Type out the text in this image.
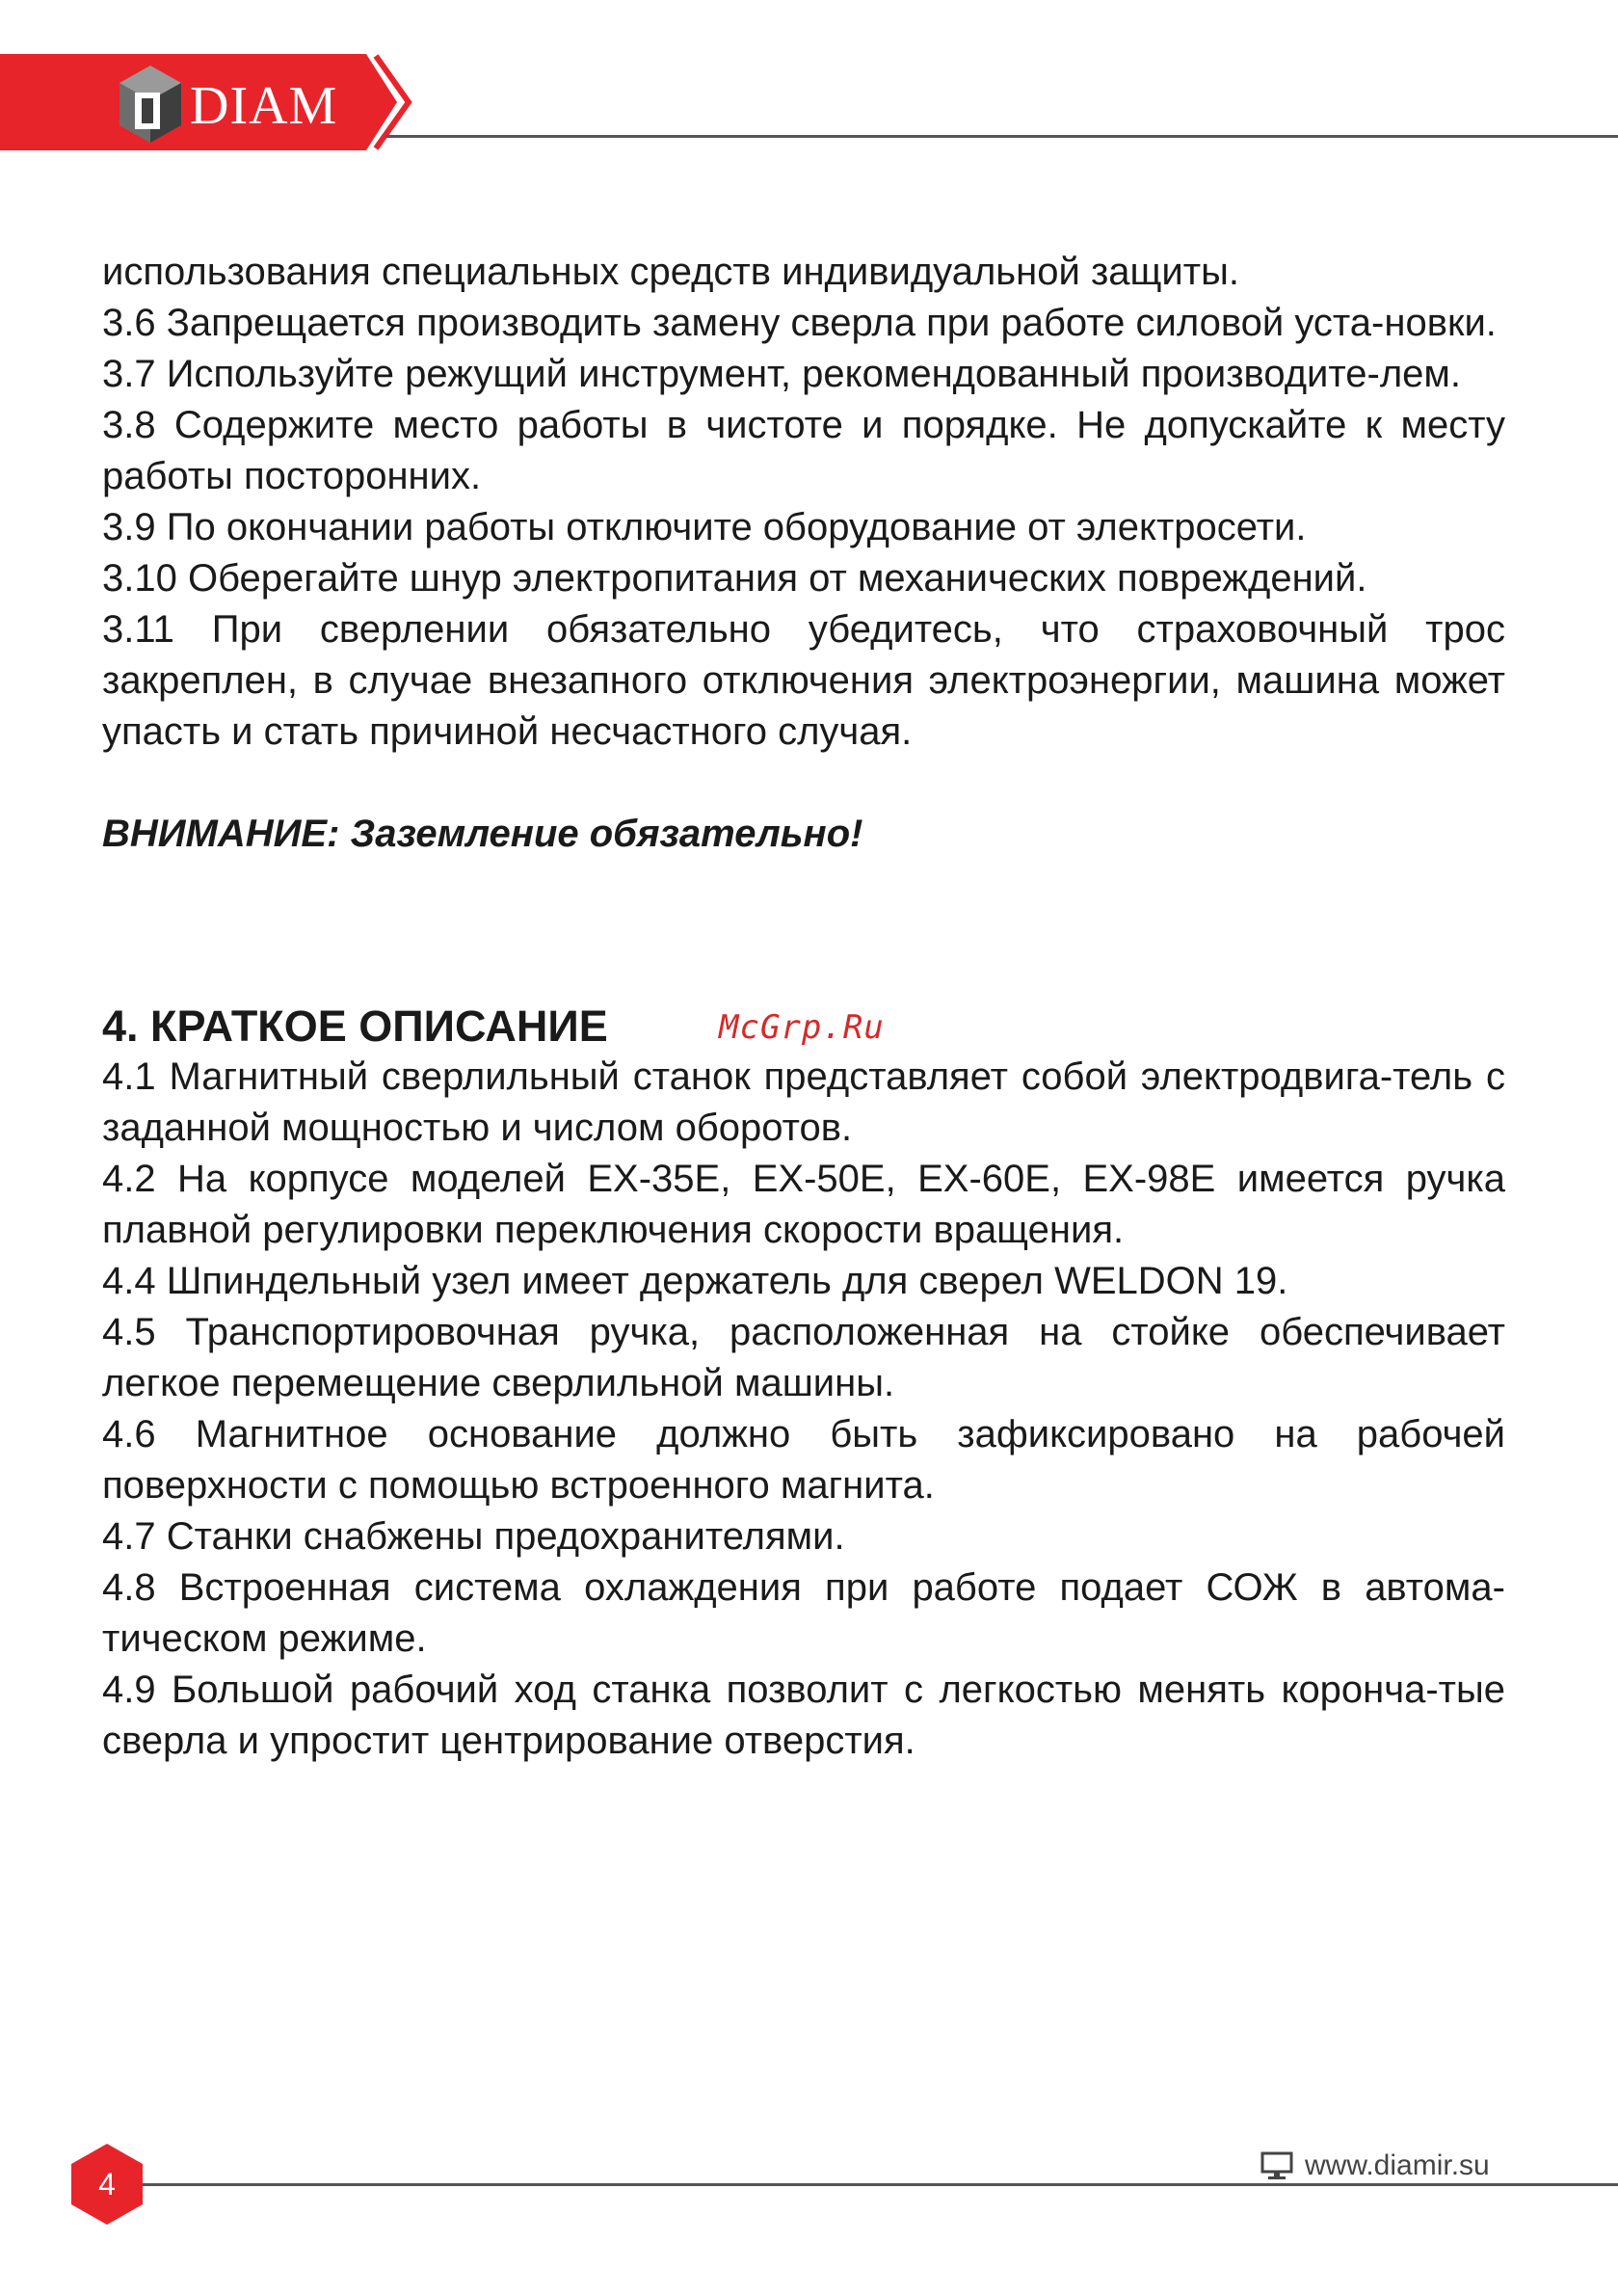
DIAM

использования специальных средств индивидуальной защиты.

3.6 Запрещается производить замену сверла при работе силовой уста-новки.

3.7 Используйте режущий инструмент, рекомендованный производите-лем.

3.8 Содержите место работы в чистоте и порядке. Не допускайте к месту работы посторонних.

3.9 По окончании работы отключите оборудование от электросети.

3.10 Оберегайте шнур электропитания от механических повреждений.

3.11 При сверлении обязательно убедитесь, что страховочный трос закреплен, в случае внезапного отключения электроэнергии, машина может упасть и стать причиной несчастного случая.

ВНИМАНИЕ: Заземление обязательно!

4. КРАТКОЕ ОПИСАНИЕ	McGrp.Ru

4.1 Магнитный сверлильный станок представляет собой электродвига-тель с заданной мощностью и числом оборотов.

4.2 На корпусе моделей EX-35E, EX-50E, EX-60E, EX-98E имеется ручка плавной регулировки переключения скорости вращения.

4.4 Шпиндельный узел имеет держатель для сверел WELDON 19.

4.5 Транспортировочная ручка, расположенная на стойке обеспечивает легкое перемещение сверлильной машины.

4.6 Магнитное основание должно быть зафиксировано на рабочей поверхности с помощью встроенного магнита.

4.7 Станки снабжены предохранителями.

4.8 Встроенная система охлаждения при работе подает СОЖ в автома-тическом режиме.

4.9 Большой рабочий ход станка позволит с легкостью менять корончa-тые сверла и упростит центрирование отверстия.

4
www.diamir.su
